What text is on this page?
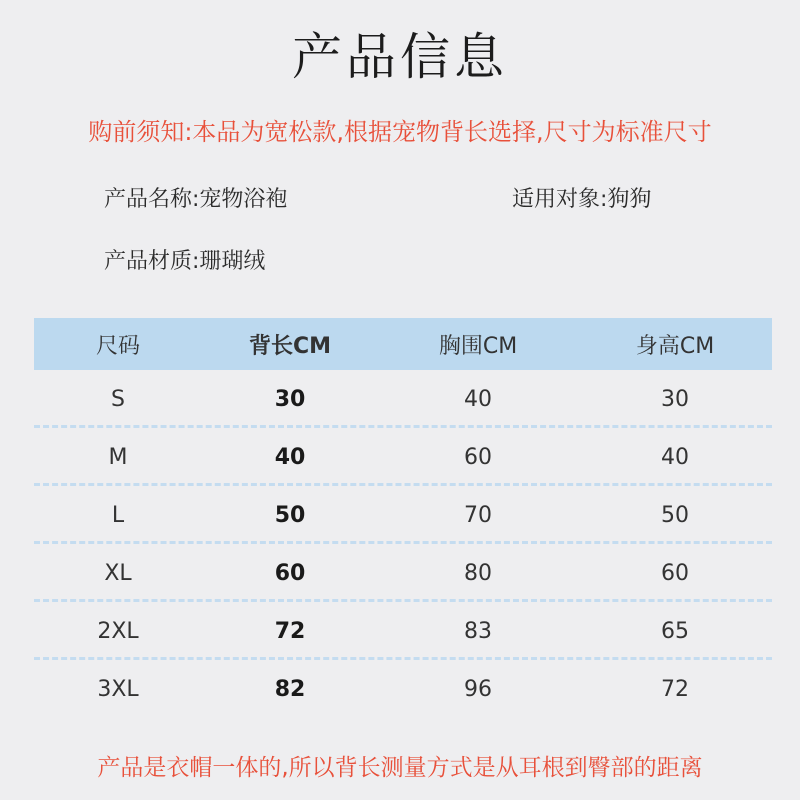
产品信息
购前须知:本品为宽松款,根据宠物背长选择,尺寸为标准尺寸
产品名称:宠物浴袍	适用对象:狗狗
产品材质:珊瑚绒
尺码	背长CM	胸围CM	身高CM
S	30	40	30
M	40	60	40
L	50	70	50
XL	60	80	60
2XL	72	83	65
3XL	82	96	72
产品是衣帽一体的,所以背长测量方式是从耳根到臀部的距离
